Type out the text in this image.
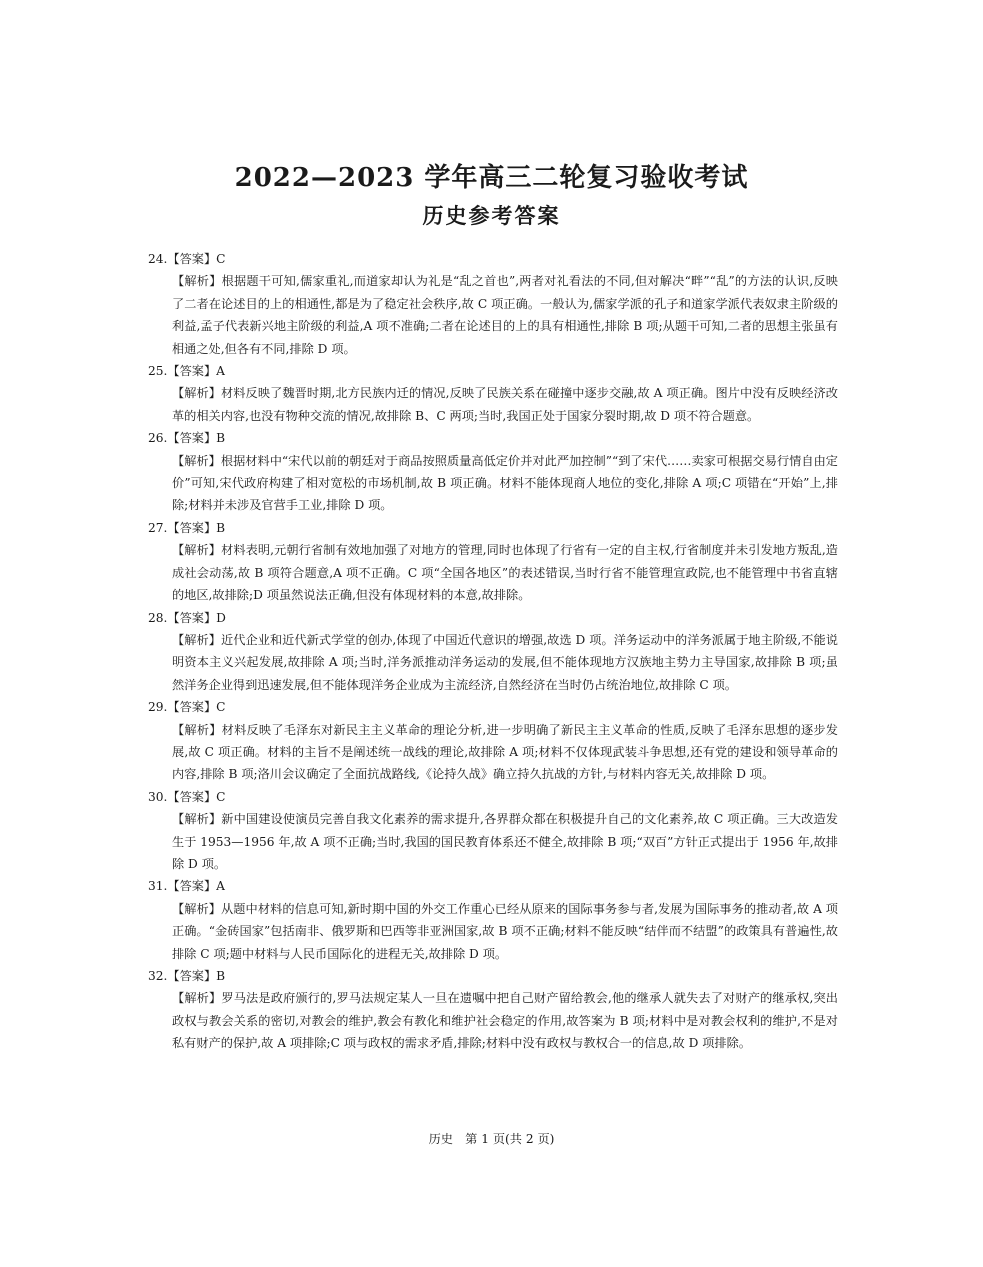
2022—2023 学年高三二轮复习验收考试
历史参考答案

24.【答案】C

【解析】根据题干可知,儒家重礼,而道家却认为礼是“乱之首也”,两者对礼看法的不同,但对解决“畔”“乱”的方法的认识,反映了二者在论述目的上的相通性,都是为了稳定社会秩序,故 C 项正确。一般认为,儒家学派的孔子和道家学派代表奴隶主阶级的利益,孟子代表新兴地主阶级的利益,A 项不准确;二者在论述目的上的具有相通性,排除 B 项;从题干可知,二者的思想主张虽有相通之处,但各有不同,排除 D 项。

25.【答案】A

【解析】材料反映了魏晋时期,北方民族内迁的情况,反映了民族关系在碰撞中逐步交融,故 A 项正确。图片中没有反映经济改革的相关内容,也没有物种交流的情况,故排除 B、C 两项;当时,我国正处于国家分裂时期,故 D 项不符合题意。

26.【答案】B

【解析】根据材料中“宋代以前的朝廷对于商品按照质量高低定价并对此严加控制”“到了宋代……卖家可根据交易行情自由定价”可知,宋代政府构建了相对宽松的市场机制,故 B 项正确。材料不能体现商人地位的变化,排除 A 项;C 项错在“开始”上,排除;材料并未涉及官营手工业,排除 D 项。

27.【答案】B

【解析】材料表明,元朝行省制有效地加强了对地方的管理,同时也体现了行省有一定的自主权,行省制度并未引发地方叛乱,造成社会动荡,故 B 项符合题意,A 项不正确。C 项“全国各地区”的表述错误,当时行省不能管理宣政院,也不能管理中书省直辖的地区,故排除;D 项虽然说法正确,但没有体现材料的本意,故排除。

28.【答案】D

【解析】近代企业和近代新式学堂的创办,体现了中国近代意识的增强,故选 D 项。洋务运动中的洋务派属于地主阶级,不能说明资本主义兴起发展,故排除 A 项;当时,洋务派推动洋务运动的发展,但不能体现地方汉族地主势力主导国家,故排除 B 项;虽然洋务企业得到迅速发展,但不能体现洋务企业成为主流经济,自然经济在当时仍占统治地位,故排除 C 项。

29.【答案】C

【解析】材料反映了毛泽东对新民主主义革命的理论分析,进一步明确了新民主主义革命的性质,反映了毛泽东思想的逐步发展,故 C 项正确。材料的主旨不是阐述统一战线的理论,故排除 A 项;材料不仅体现武装斗争思想,还有党的建设和领导革命的内容,排除 B 项;洛川会议确定了全面抗战路线,《论持久战》确立持久抗战的方针,与材料内容无关,故排除 D 项。

30.【答案】C

【解析】新中国建设使演员完善自我文化素养的需求提升,各界群众都在积极提升自己的文化素养,故 C 项正确。三大改造发生于 1953—1956 年,故 A 项不正确;当时,我国的国民教育体系还不健全,故排除 B 项;“双百”方针正式提出于 1956 年,故排除 D 项。

31.【答案】A

【解析】从题中材料的信息可知,新时期中国的外交工作重心已经从原来的国际事务参与者,发展为国际事务的推动者,故 A 项正确。“金砖国家”包括南非、俄罗斯和巴西等非亚洲国家,故 B 项不正确;材料不能反映“结伴而不结盟”的政策具有普遍性,故排除 C 项;题中材料与人民币国际化的进程无关,故排除 D 项。

32.【答案】B

【解析】罗马法是政府颁行的,罗马法规定某人一旦在遗嘱中把自己财产留给教会,他的继承人就失去了对财产的继承权,突出政权与教会关系的密切,对教会的维护,教会有教化和维护社会稳定的作用,故答案为 B 项;材料中是对教会权利的维护,不是对私有财产的保护,故 A 项排除;C 项与政权的需求矛盾,排除;材料中没有政权与教权合一的信息,故 D 项排除。

历史　第 1 页(共 2 页)
